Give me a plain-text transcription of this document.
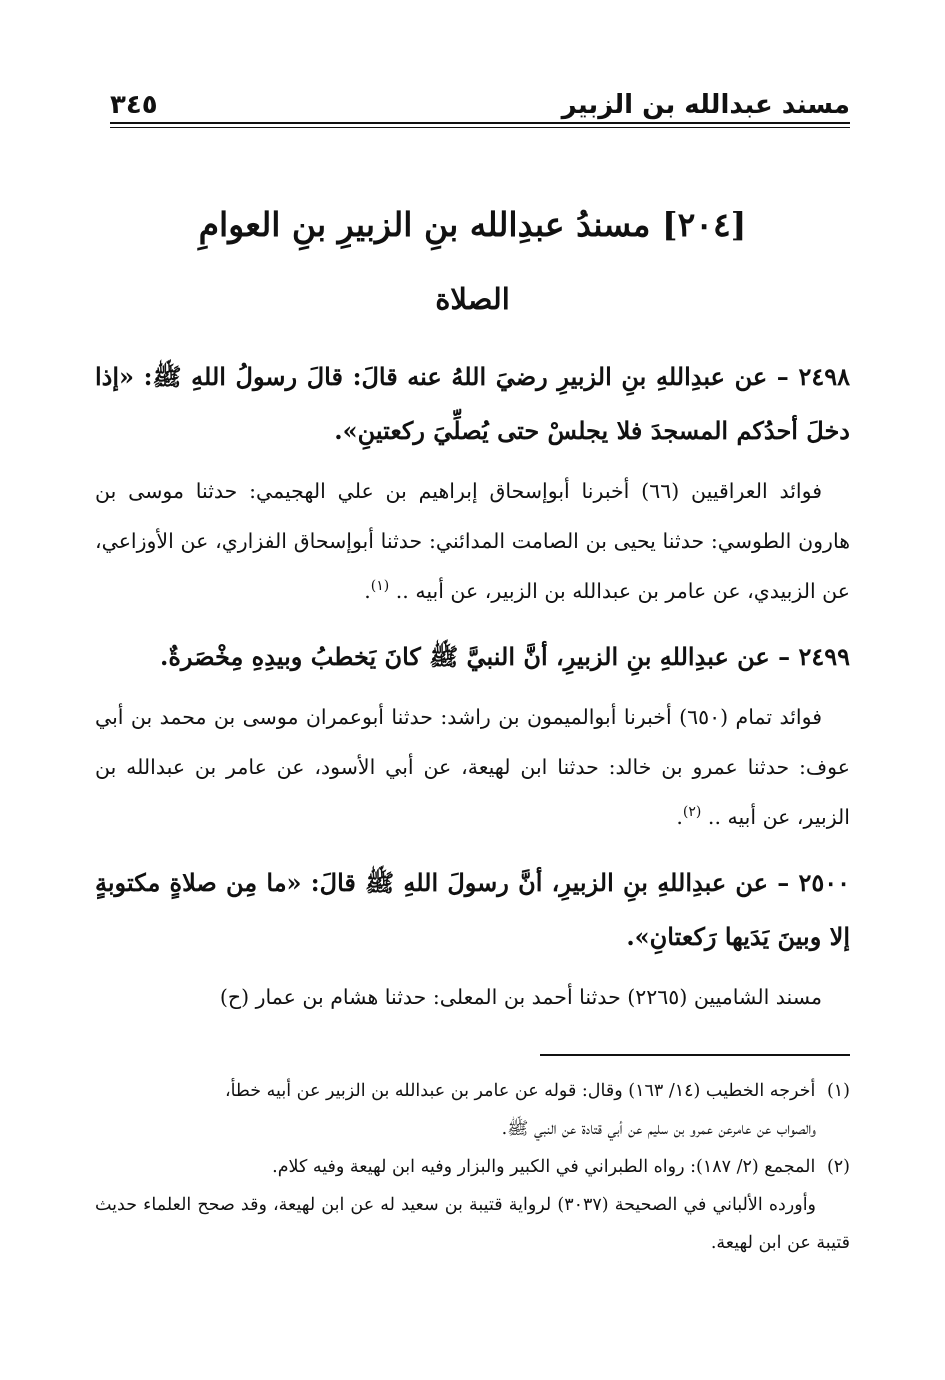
مسند عبدالله بن الزبير
٣٤٥
[٢٠٤] مسندُ عبدِالله بنِ الزبيرِ بنِ العوامِ
الصلاة

٢٤٩٨ – عن عبدِاللهِ بنِ الزبيرِ رضيَ اللهُ عنه قالَ: قالَ رسولُ اللهِ ﷺ: «إذا دخلَ أحدُكم المسجدَ فلا يجلسْ حتى يُصلِّيَ ركعتينِ».

فوائد العراقيين (٦٦) أخبرنا أبوإسحاق إبراهيم بن علي الهجيمي: حدثنا موسى بن هارون الطوسي: حدثنا يحيى بن الصامت المدائني: حدثنا أبوإسحاق الفزاري، عن الأوزاعي، عن الزبيدي، عن عامر بن عبدالله بن الزبير، عن أبيه .. $^{(١)}$.

٢٤٩٩ – عن عبدِاللهِ بنِ الزبيرِ، أنَّ النبيَّ ﷺ كانَ يَخطبُ وبيدِهِ مِخْصَرةٌ.

فوائد تمام (٦٥٠) أخبرنا أبوالميمون بن راشد: حدثنا أبوعمران موسى بن محمد بن أبي عوف: حدثنا عمرو بن خالد: حدثنا ابن لهيعة، عن أبي الأسود، عن عامر بن عبدالله بن الزبير، عن أبيه .. $^{(٢)}$.

٢٥٠٠ – عن عبدِاللهِ بنِ الزبيرِ، أنَّ رسولَ اللهِ ﷺ قالَ: «ما مِن صلاةٍ مكتوبةٍ إلا وبينَ يَدَيها رَكعتانِ».

مسند الشاميين (٢٢٦٥) حدثنا أحمد بن المعلى: حدثنا هشام بن عمار (ح)

(١) أخرجه الخطيب (١٤/ ١٦٣) وقال: قوله عن عامر بن عبدالله بن الزبير عن أبيه خطأ،

والصواب عن عامرعن عمرو بن سليم عن أبي قتادة عن النبي ﷺ.

(٢) المجمع (٢/ ١٨٧): رواه الطبراني في الكبير والبزار وفيه ابن لهيعة وفيه كلام.

وأورده الألباني في الصحيحة (٣٠٣٧) لرواية قتيبة بن سعيد له عن ابن لهيعة، وقد صحح العلماء حديث قتيبة عن ابن لهيعة.
